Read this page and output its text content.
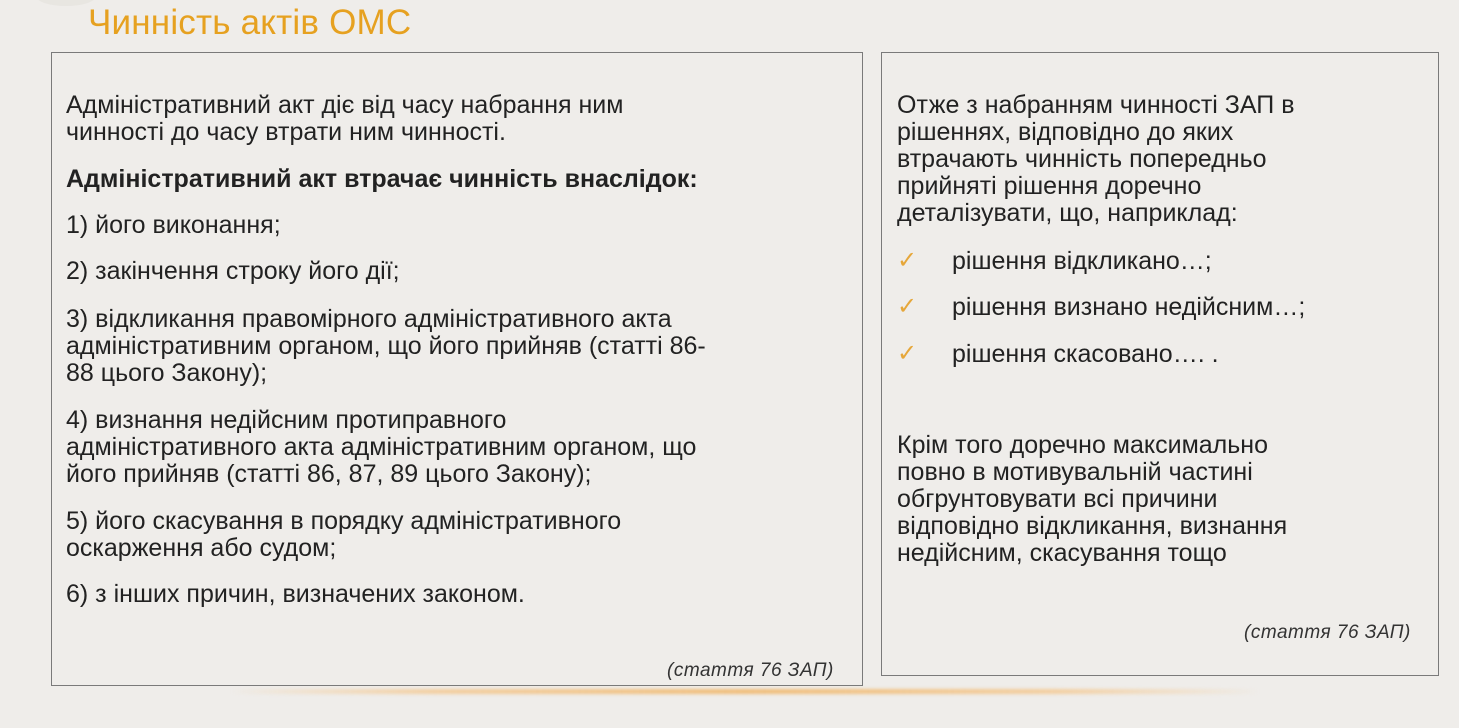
Чинність актів ОМС

Адміністративний акт діє від часу набрання ним

чинності до часу втрати ним чинності.

Адміністративний акт втрачає чинність внаслідок:

1) його виконання;

2) закінчення строку його дії;

3) відкликання правомірного адміністративного акта

адміністративним органом, що його прийняв (статті 86-

88 цього Закону);

4) визнання недійсним протиправного

адміністративного акта адміністративним органом, що

його прийняв (статті 86, 87, 89 цього Закону);

5) його скасування в порядку адміністративного

оскарження або судом;

6) з інших причин, визначених законом.

(стаття 76 ЗАП)

Отже з набранням чинності ЗАП в

рішеннях, відповідно до яких

втрачають чинність попередньо

прийняті рішення доречно

деталізувати, що, наприклад:

✓ рішення відкликано…;

✓ рішення визнано недійсним…;

✓ рішення скасовано…. .

Крім того доречно максимально

повно в мотивувальній частині

обгрунтовувати всі причини

відповідно відкликання, визнання

недійсним, скасування тощо

(стаття 76 ЗАП)
